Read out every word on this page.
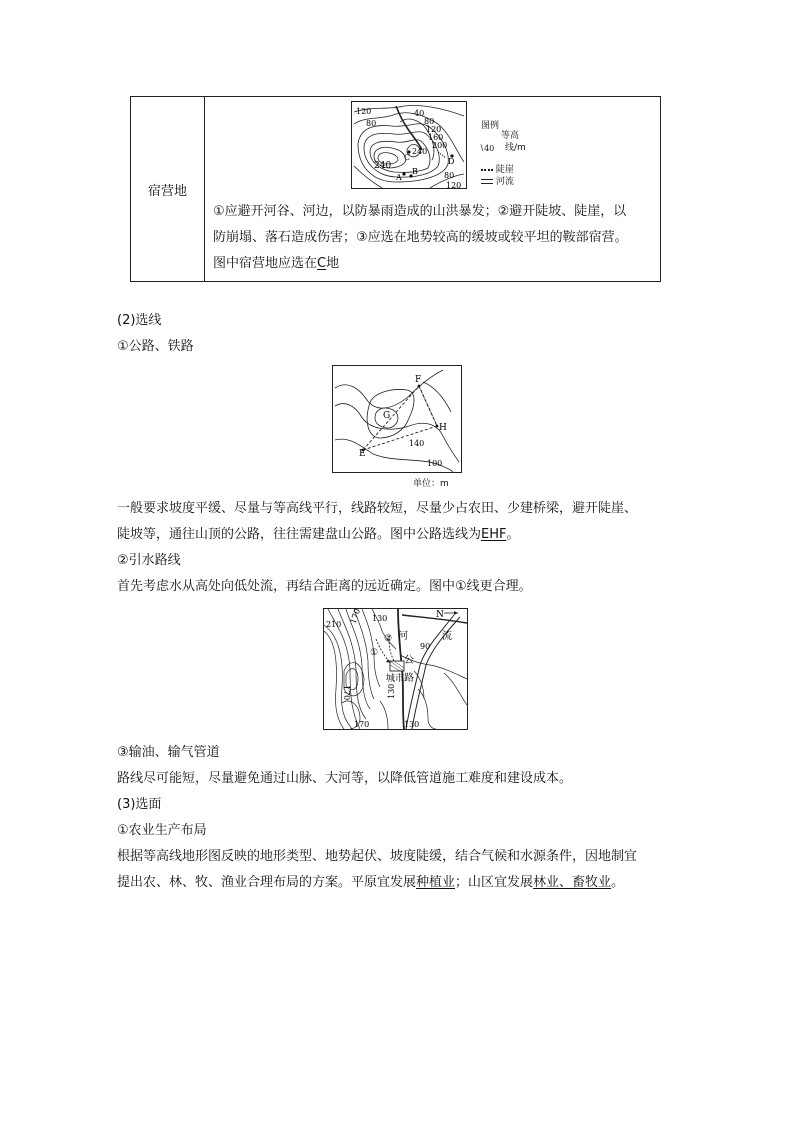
宿营地
120
80
40
80
120
160
200
240
240
80
120
C	D
A
B
图例
等高
∖40 线/m
陡崖
河流
①应避开河谷、河边，以防暴雨造成的山洪暴发；②避开陡坡、陡崖，以
防崩塌、落石造成伤害；③应选在地势较高的缓坡或较平坦的鞍部宿营。
图中宿营地应选在C地
(2)选线
①公路、铁路
F
G
H
E
140
100
单位：m
一般要求坡度平缓、尽量与等高线平行，线路较短，尽量少占农田、少建桥梁，避开陡崖、
陡坡等，通往山顶的公路，往往需建盘山公路。图中公路选线为EHF。
②引水路线
首先考虑水从高处向低处流，再结合距离的远近确定。图中①线更合理。
210 170 130
170
90
130
170	130
①
② 河	流
公
路
N
城市
③输油、输气管道
路线尽可能短，尽量避免通过山脉、大河等，以降低管道施工难度和建设成本。
(3)选面
①农业生产布局
根据等高线地形图反映的地形类型、地势起伏、坡度陡缓，结合气候和水源条件，因地制宜
提出农、林、牧、渔业合理布局的方案。平原宜发展种植业；山区宜发展林业、畜牧业。
